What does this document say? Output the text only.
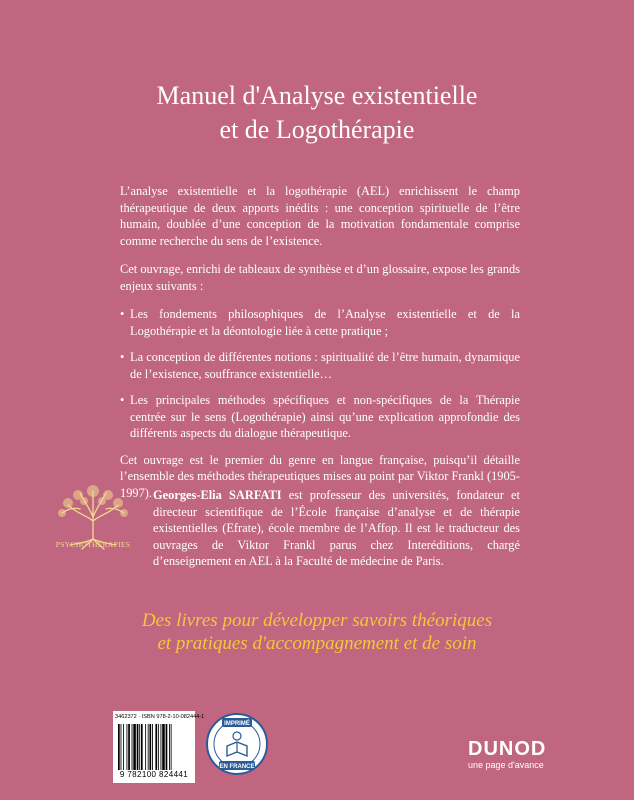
Manuel d'Analyse existentielle
et de Logothérapie

L’analyse existentielle et la logothérapie (AEL) enrichissent le champ thérapeutique de deux apports inédits : une conception spirituelle de l’être humain, doublée d’une conception de la motivation fondamentale comprise comme recherche du sens de l’existence.

Cet ouvrage, enrichi de tableaux de synthèse et d’un glossaire, expose les grands enjeux suivants :

• Les fondements philosophiques de l’Analyse existentielle et de la Logothérapie et la déontologie liée à cette pratique ;
• La conception de différentes notions : spiritualité de l’être humain, dynamique de l’existence, souffrance existentielle…
• Les principales méthodes spécifiques et non-spécifiques de la Thérapie centrée sur le sens (Logothérapie) ainsi qu’une explication approfondie des différents aspects du dialogue thérapeutique.

Cet ouvrage est le premier du genre en langue française, puisqu’il détaille l’ensemble des méthodes thérapeutiques mises au point par Viktor Frankl (1905-1997).

PSYCHOTHÉRAPIES
Georges-Elia SARFATI est professeur des universités, fondateur et directeur scientifique de l’École française d’analyse et de thérapie existentielles (Efrate), école membre de l’Affop. Il est le traducteur des ouvrages de Viktor Frankl parus chez Interéditions, chargé d’enseignement en AEL à la Faculté de médecine de Paris.
Des livres pour développer savoirs théoriques
et pratiques d'accompagnement et de soin
3462372 · ISBN 978-2-10-082444-1
9 782100 824441
IMPRIMÉ
EN FRANCE
DUNOD
une page d'avance
